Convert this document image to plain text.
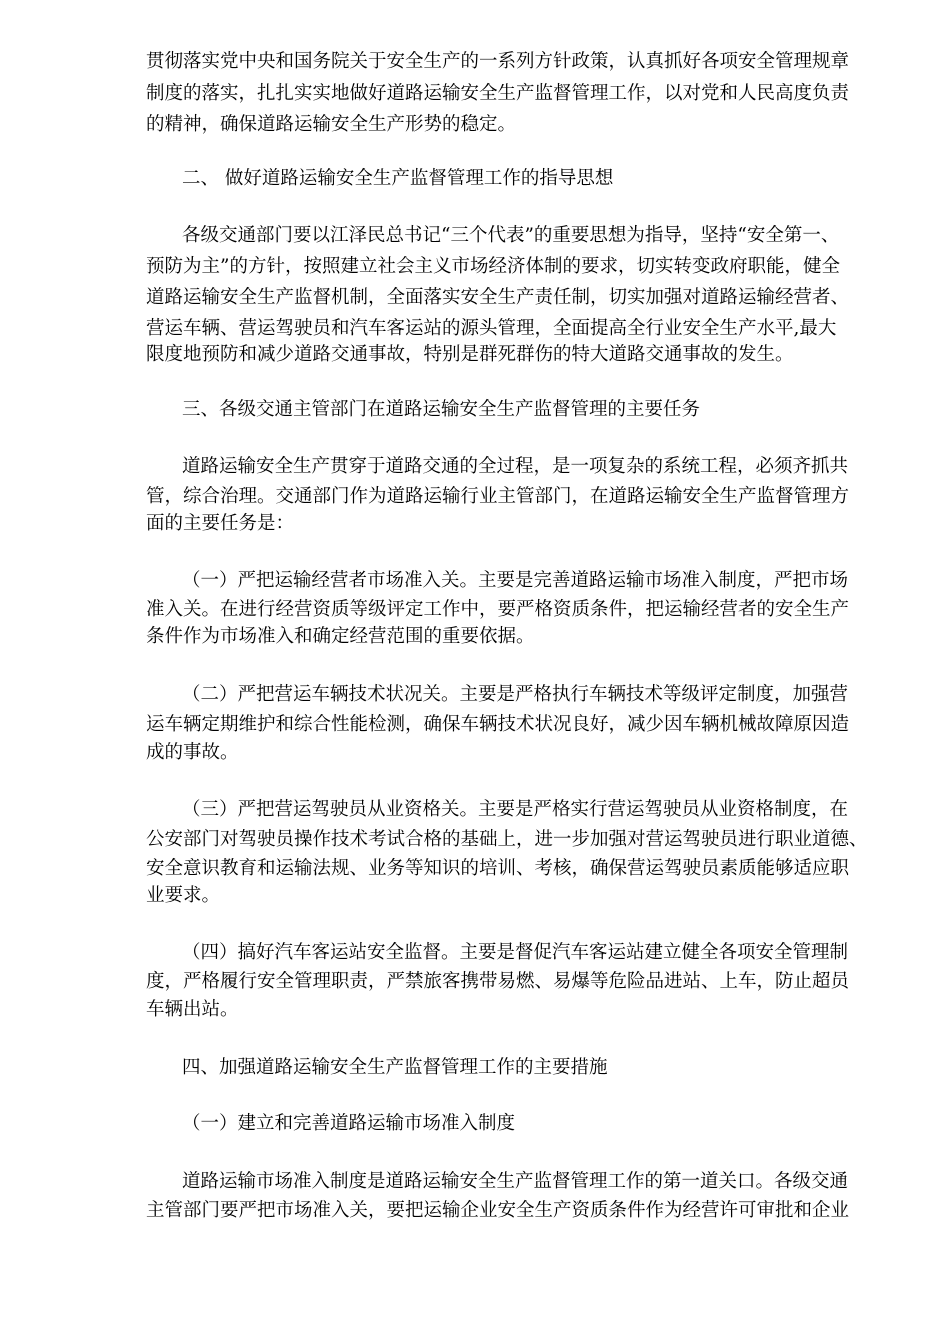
贯彻落实党中央和国务院关于安全生产的一系列方针政策，认真抓好各项安全管理规章
制度的落实，扎扎实实地做好道路运输安全生产监督管理工作，以对党和人民高度负责
的精神，确保道路运输安全生产形势的稳定。
二、 做好道路运输安全生产监督管理工作的指导思想
各级交通部门要以江泽民总书记“三个代表”的重要思想为指导，坚持“安全第一、
预防为主”的方针，按照建立社会主义市场经济体制的要求，切实转变政府职能，健全
道路运输安全生产监督机制，全面落实安全生产责任制，切实加强对道路运输经营者、
营运车辆、营运驾驶员和汽车客运站的源头管理，全面提高全行业安全生产水平,最大
限度地预防和减少道路交通事故，特别是群死群伤的特大道路交通事故的发生。
三、各级交通主管部门在道路运输安全生产监督管理的主要任务
道路运输安全生产贯穿于道路交通的全过程，是一项复杂的系统工程，必须齐抓共
管，综合治理。交通部门作为道路运输行业主管部门，在道路运输安全生产监督管理方
面的主要任务是：
（一）严把运输经营者市场准入关。主要是完善道路运输市场准入制度，严把市场
准入关。在进行经营资质等级评定工作中，要严格资质条件，把运输经营者的安全生产
条件作为市场准入和确定经营范围的重要依据。
（二）严把营运车辆技术状况关。主要是严格执行车辆技术等级评定制度，加强营
运车辆定期维护和综合性能检测，确保车辆技术状况良好，减少因车辆机械故障原因造
成的事故。
（三）严把营运驾驶员从业资格关。主要是严格实行营运驾驶员从业资格制度，在
公安部门对驾驶员操作技术考试合格的基础上，进一步加强对营运驾驶员进行职业道德、
安全意识教育和运输法规、业务等知识的培训、考核，确保营运驾驶员素质能够适应职
业要求。
（四）搞好汽车客运站安全监督。主要是督促汽车客运站建立健全各项安全管理制
度，严格履行安全管理职责，严禁旅客携带易燃、易爆等危险品进站、上车，防止超员
车辆出站。
四、加强道路运输安全生产监督管理工作的主要措施
（一）建立和完善道路运输市场准入制度
道路运输市场准入制度是道路运输安全生产监督管理工作的第一道关口。各级交通
主管部门要严把市场准入关，要把运输企业安全生产资质条件作为经营许可审批和企业
